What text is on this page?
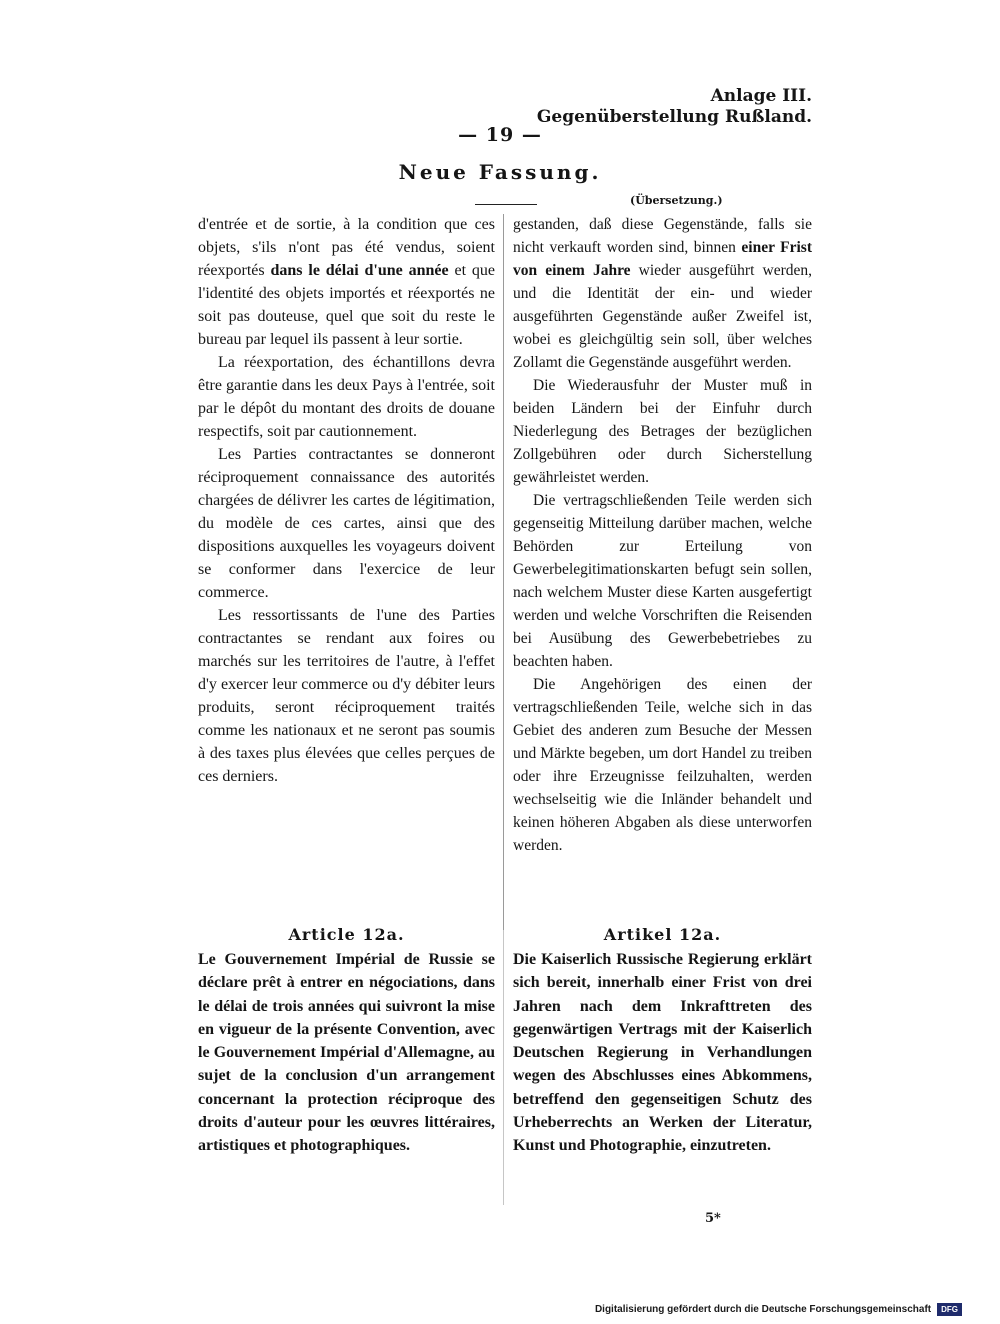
Anlage III.
Gegenüberstellung Rußland.
— 19 —
Neue Fassung.
(Übersetzung.)

d'entrée et de sortie, à la condition que ces objets, s'ils n'ont pas été vendus, soient réexportés dans le délai d'une année et que l'identité des objets importés et réexportés ne soit pas douteuse, quel que soit du reste le bureau par lequel ils passent à leur sortie.

La réexportation, des échantillons devra être garantie dans les deux Pays à l'entrée, soit par le dépôt du montant des droits de douane respectifs, soit par cautionnement.

Les Parties contractantes se donneront réciproquement connaissance des autorités chargées de délivrer les cartes de légitimation, du modèle de ces cartes, ainsi que des dispositions auxquelles les voyageurs doivent se conformer dans l'exercice de leur commerce.

Les ressortissants de l'une des Parties contractantes se rendant aux foires ou marchés sur les territoires de l'autre, à l'effet d'y exercer leur commerce ou d'y débiter leurs produits, seront réciproquement traités comme les nationaux et ne seront pas soumis à des taxes plus élevées que celles perçues de ces derniers.

gestanden, daß diese Gegenstände, falls sie nicht verkauft worden sind, binnen einer Frist von einem Jahre wieder ausgeführt werden, und die Identität der ein- und wieder ausgeführten Gegenstände außer Zweifel ist, wobei es gleichgültig sein soll, über welches Zollamt die Gegenstände ausgeführt werden.

Die Wiederausfuhr der Muster muß in beiden Ländern bei der Einfuhr durch Niederlegung des Betrages der bezüglichen Zollgebühren oder durch Sicherstellung gewährleistet werden.

Die vertragschließenden Teile werden sich gegenseitig Mitteilung darüber machen, welche Behörden zur Erteilung von Gewerbelegitimationskarten befugt sein sollen, nach welchem Muster diese Karten ausgefertigt werden und welche Vorschriften die Reisenden bei Ausübung des Gewerbebetriebes zu beachten haben.

Die Angehörigen des einen der vertragschließenden Teile, welche sich in das Gebiet des anderen zum Besuche der Messen und Märkte begeben, um dort Handel zu treiben oder ihre Erzeugnisse feilzuhalten, werden wechselseitig wie die Inländer behandelt und keinen höheren Abgaben als diese unterworfen werden.

Article 12a.	Artikel 12a.
Le Gouvernement Impérial de Russie se déclare prêt à entrer en négociations, dans le délai de trois années qui suivront la mise en vigueur de la présente Convention, avec le Gouvernement Impérial d'Allemagne, au sujet de la conclusion d'un arrangement concernant la protection réciproque des droits d'auteur pour les œuvres littéraires, artistiques et photographiques.
Die Kaiserlich Russische Regierung erklärt sich bereit, innerhalb einer Frist von drei Jahren nach dem Inkrafttreten des gegenwärtigen Vertrags mit der Kaiserlich Deutschen Regierung in Verhandlungen wegen des Abschlusses eines Abkommens, betreffend den gegenseitigen Schutz des Urheberrechts an Werken der Literatur, Kunst und Photographie, einzutreten.
5*
Digitalisierung gefördert durch die Deutsche Forschungsgemeinschaft	DFG
